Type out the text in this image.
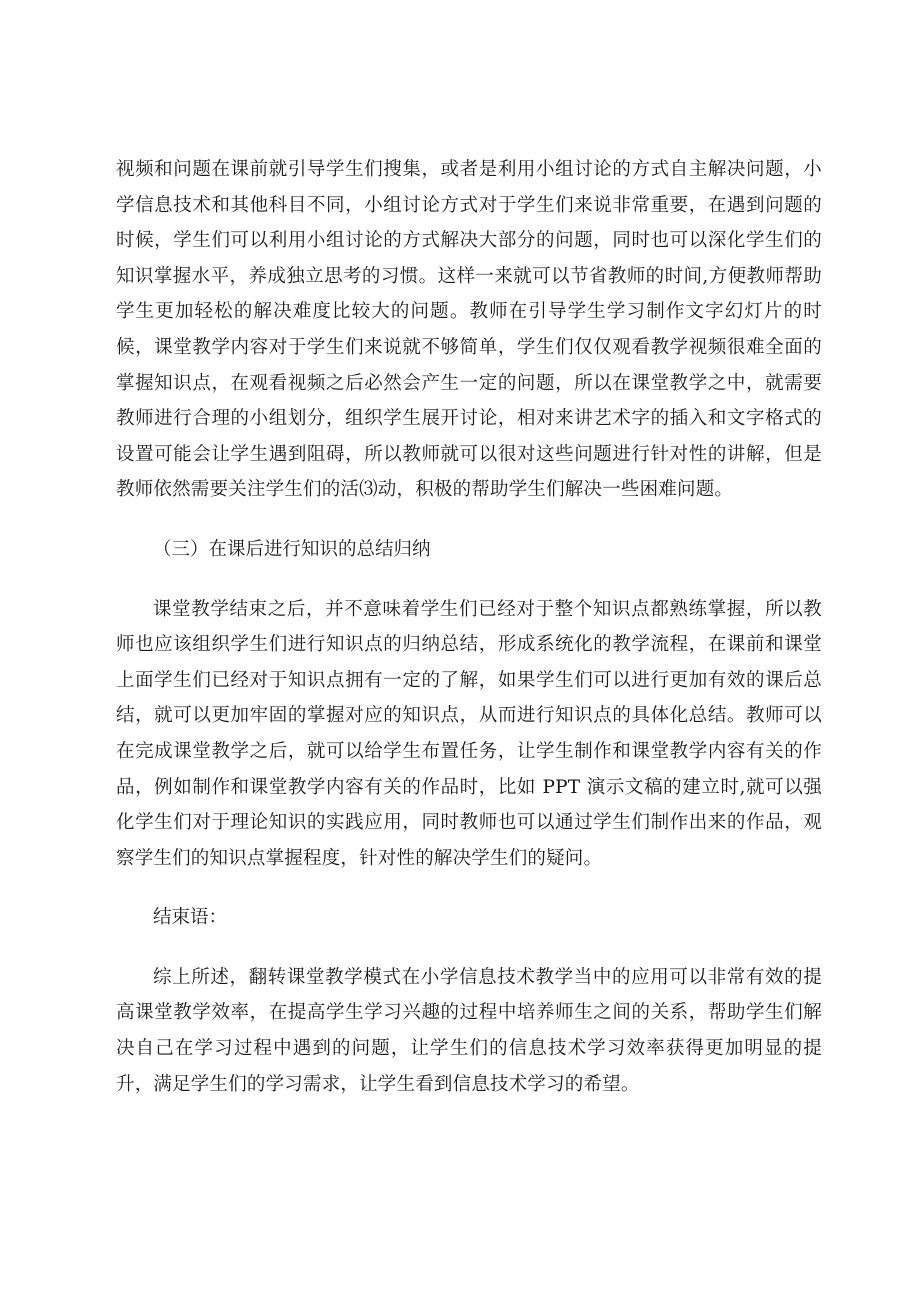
视频和问题在课前就引导学生们搜集，或者是利用小组讨论的方式自主解决问题，小学信息技术和其他科目不同，小组讨论方式对于学生们来说非常重要，在遇到问题的时候，学生们可以利用小组讨论的方式解决大部分的问题，同时也可以深化学生们的知识掌握水平，养成独立思考的习惯。这样一来就可以节省教师的时间,方便教师帮助学生更加轻松的解决难度比较大的问题。教师在引导学生学习制作文字幻灯片的时候，课堂教学内容对于学生们来说就不够简单，学生们仅仅观看教学视频很难全面的掌握知识点，在观看视频之后必然会产生一定的问题，所以在课堂教学之中，就需要教师进行合理的小组划分，组织学生展开讨论，相对来讲艺术字的插入和文字格式的设置可能会让学生遇到阻碍，所以教师就可以很对这些问题进行针对性的讲解，但是教师依然需要关注学生们的活⑶动，积极的帮助学生们解决一些困难问题。

（三）在课后进行知识的总结归纳

课堂教学结束之后，并不意味着学生们已经对于整个知识点都熟练掌握，所以教师也应该组织学生们进行知识点的归纳总结，形成系统化的教学流程，在课前和课堂上面学生们已经对于知识点拥有一定的了解，如果学生们可以进行更加有效的课后总结，就可以更加牢固的掌握对应的知识点，从而进行知识点的具体化总结。教师可以在完成课堂教学之后，就可以给学生布置任务，让学生制作和课堂教学内容有关的作品，例如制作和课堂教学内容有关的作品时，比如 PPT 演示文稿的建立时,就可以强化学生们对于理论知识的实践应用，同时教师也可以通过学生们制作出来的作品，观察学生们的知识点掌握程度，针对性的解决学生们的疑问。

结束语：

综上所述，翻转课堂教学模式在小学信息技术教学当中的应用可以非常有效的提高课堂教学效率，在提高学生学习兴趣的过程中培养师生之间的关系，帮助学生们解决自己在学习过程中遇到的问题，让学生们的信息技术学习效率获得更加明显的提升，满足学生们的学习需求，让学生看到信息技术学习的希望。
